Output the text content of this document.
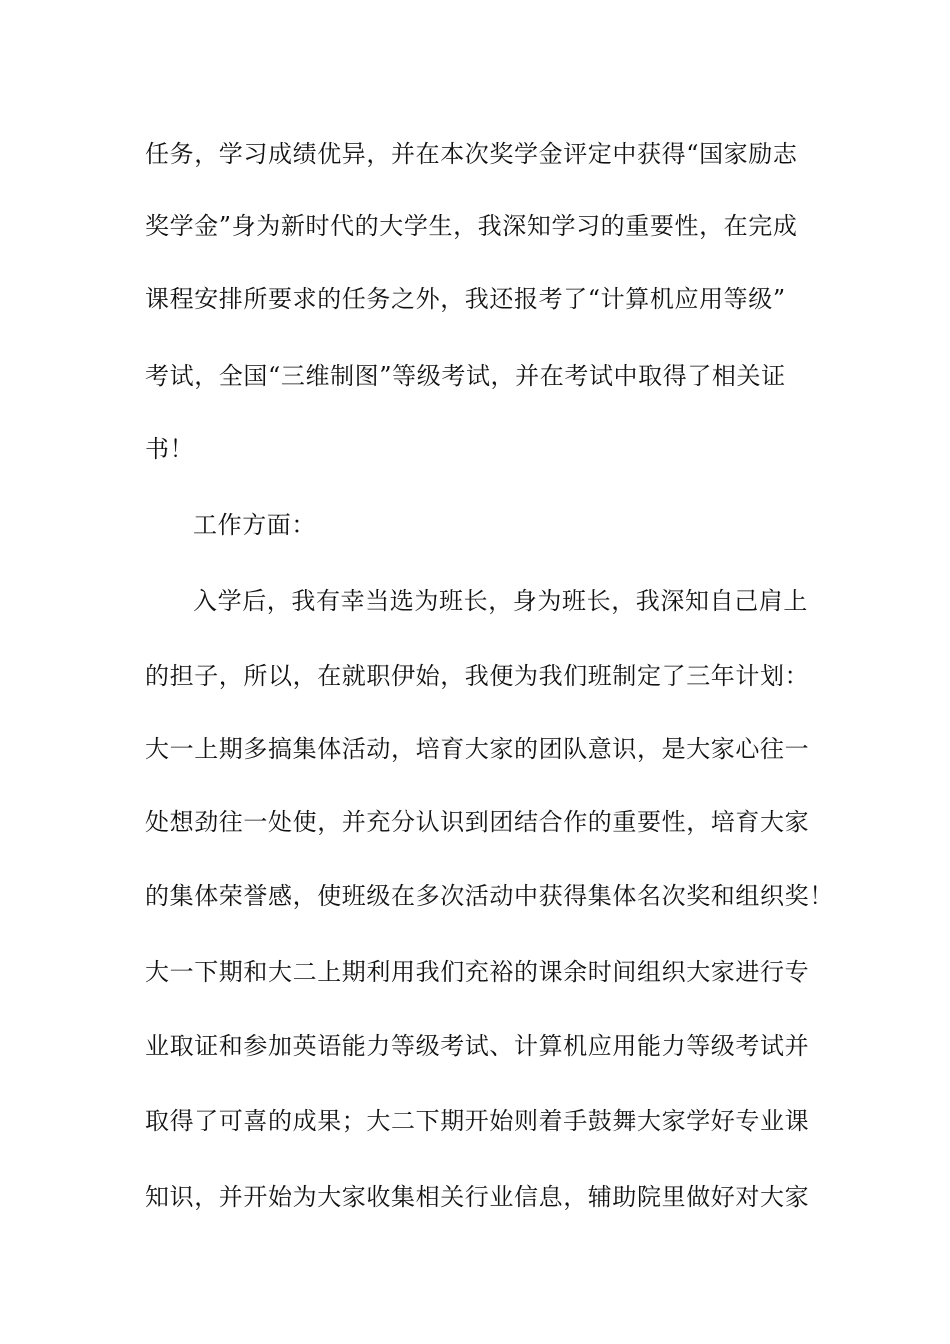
任务，学习成绩优异，并在本次奖学金评定中获得“国家励志
奖学金”身为新时代的大学生，我深知学习的重要性，在完成
课程安排所要求的任务之外，我还报考了“计算机应用等级”
考试，全国“三维制图”等级考试，并在考试中取得了相关证
书！
工作方面：
入学后，我有幸当选为班长，身为班长，我深知自己肩上
的担子，所以，在就职伊始，我便为我们班制定了三年计划：
大一上期多搞集体活动，培育大家的团队意识，是大家心往一
处想劲往一处使，并充分认识到团结合作的重要性，培育大家
的集体荣誉感，使班级在多次活动中获得集体名次奖和组织奖！
大一下期和大二上期利用我们充裕的课余时间组织大家进行专
业取证和参加英语能力等级考试、计算机应用能力等级考试并
取得了可喜的成果；大二下期开始则着手鼓舞大家学好专业课
知识，并开始为大家收集相关行业信息，辅助院里做好对大家
